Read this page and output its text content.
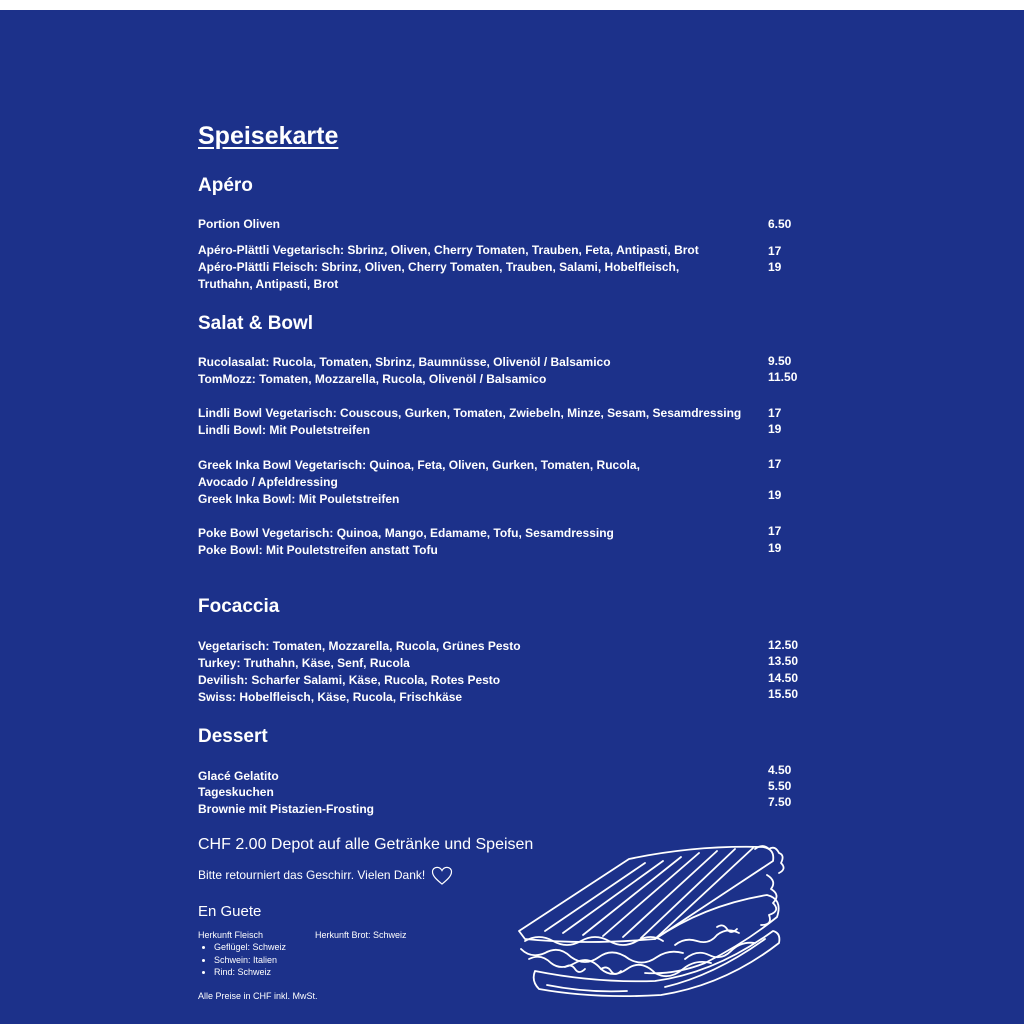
Speisekarte
Apéro
Portion Oliven	6.50
Apéro-Plättli Vegetarisch: Sbrinz, Oliven, Cherry Tomaten, Trauben, Feta, Antipasti, Brot	17
Apéro-Plättli Fleisch: Sbrinz, Oliven, Cherry Tomaten, Trauben, Salami, Hobelfleisch,
Truthahn, Antipasti, Brot
19
Salat & Bowl
Rucolasalat: Rucola, Tomaten, Sbrinz, Baumnüsse, Olivenöl / Balsamico	9.50
TomMozz: Tomaten, Mozzarella, Rucola, Olivenöl / Balsamico	11.50
Lindli Bowl Vegetarisch: Couscous, Gurken, Tomaten, Zwiebeln, Minze, Sesam, Sesamdressing 17
Lindli Bowl: Mit Pouletstreifen	19
Greek Inka Bowl Vegetarisch: Quinoa, Feta, Oliven, Gurken, Tomaten, Rucola,
Avocado / Apfeldressing
17
Greek Inka Bowl: Mit Pouletstreifen	19
Poke Bowl Vegetarisch: Quinoa, Mango, Edamame, Tofu, Sesamdressing	17
Poke Bowl: Mit Pouletstreifen anstatt Tofu	19
Focaccia
Vegetarisch: Tomaten, Mozzarella, Rucola, Grünes Pesto	12.50
Turkey: Truthahn, Käse, Senf, Rucola	13.50
Devilish: Scharfer Salami, Käse, Rucola, Rotes Pesto	14.50
Swiss: Hobelfleisch, Käse, Rucola, Frischkäse	15.50
Dessert
Glacé Gelatito	4.50
Tageskuchen	5.50
Brownie mit Pistazien-Frosting	7.50
CHF 2.00 Depot auf alle Getränke und Speisen
Bitte retourniert das Geschirr. Vielen Dank!
En Guete
Herkunft Fleisch
• Geflügel: Schweiz
• Schwein: Italien
• Rind: Schweiz
Herkunft Brot: Schweiz
Alle Preise in CHF inkl. MwSt.
